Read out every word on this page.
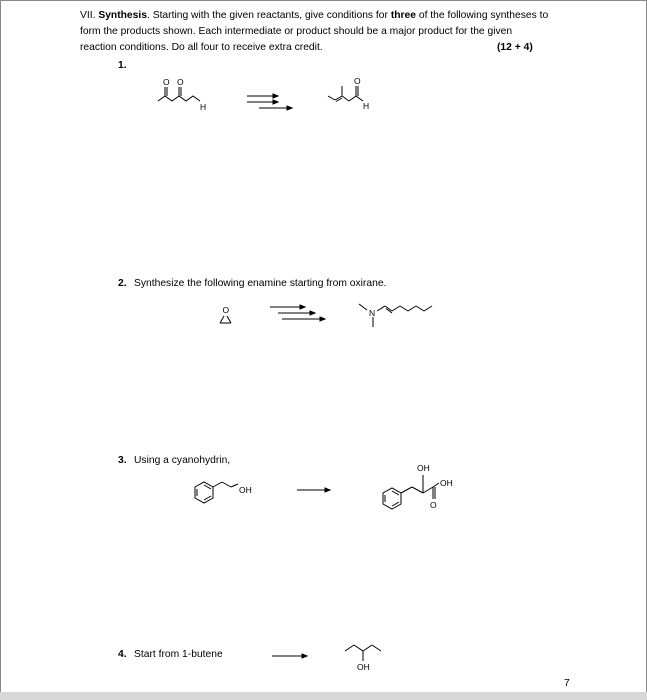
VII. Synthesis. Starting with the given reactants, give conditions for three of the following syntheses to
form the products shown. Each intermediate or product should be a major product for the given
reaction conditions. Do all four to receive extra credit.	(12 + 4)
1.
O O
H
O
H
2. Synthesize the following enamine starting from oxirane.
O	N
3. Using a cyanohydrin,
OH
OH
OH
O
4. Start from 1-butene
OH
7
